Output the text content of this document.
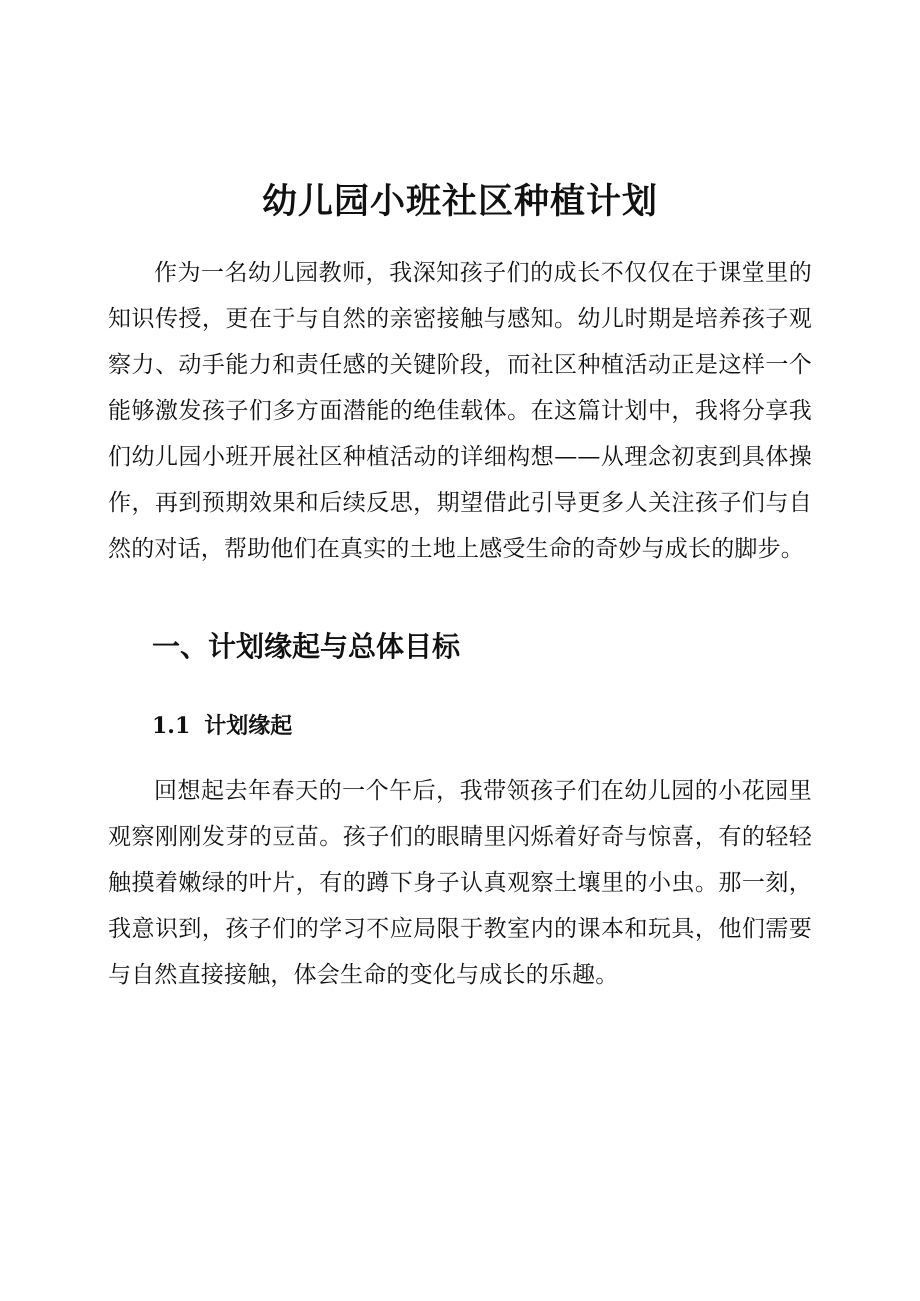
幼儿园小班社区种植计划

作为一名幼儿园教师，我深知孩子们的成长不仅仅在于课堂里的知识传授，更在于与自然的亲密接触与感知。幼儿时期是培养孩子观察力、动手能力和责任感的关键阶段，而社区种植活动正是这样一个能够激发孩子们多方面潜能的绝佳载体。在这篇计划中，我将分享我们幼儿园小班开展社区种植活动的详细构想——从理念初衷到具体操作，再到预期效果和后续反思，期望借此引导更多人关注孩子们与自然的对话，帮助他们在真实的土地上感受生命的奇妙与成长的脚步。

一、计划缘起与总体目标
1.1 计划缘起

回想起去年春天的一个午后，我带领孩子们在幼儿园的小花园里观察刚刚发芽的豆苗。孩子们的眼睛里闪烁着好奇与惊喜，有的轻轻触摸着嫩绿的叶片，有的蹲下身子认真观察土壤里的小虫。那一刻，我意识到，孩子们的学习不应局限于教室内的课本和玩具，他们需要与自然直接接触，体会生命的变化与成长的乐趣。
